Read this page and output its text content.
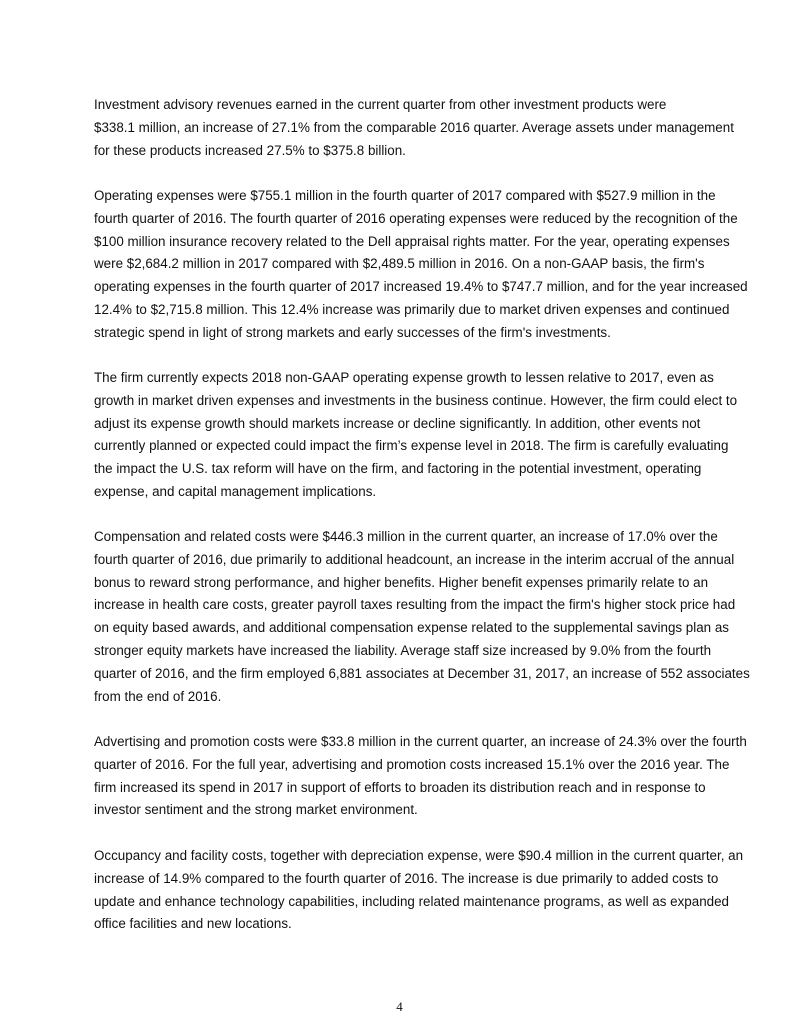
Investment advisory revenues earned in the current quarter from other investment products were
$338.1 million, an increase of 27.1% from the comparable 2016 quarter. Average assets under management
for these products increased 27.5% to $375.8 billion.

Operating expenses were $755.1 million in the fourth quarter of 2017 compared with $527.9 million in the
fourth quarter of 2016. The fourth quarter of 2016 operating expenses were reduced by the recognition of the
$100 million insurance recovery related to the Dell appraisal rights matter. For the year, operating expenses
were $2,684.2 million in 2017 compared with $2,489.5 million in 2016. On a non-GAAP basis, the firm's
operating expenses in the fourth quarter of 2017 increased 19.4% to $747.7 million, and for the year increased
12.4% to $2,715.8 million. This 12.4% increase was primarily due to market driven expenses and continued
strategic spend in light of strong markets and early successes of the firm's investments.

The firm currently expects 2018 non-GAAP operating expense growth to lessen relative to 2017, even as
growth in market driven expenses and investments in the business continue. However, the firm could elect to
adjust its expense growth should markets increase or decline significantly. In addition, other events not
currently planned or expected could impact the firm’s expense level in 2018. The firm is carefully evaluating
the impact the U.S. tax reform will have on the firm, and factoring in the potential investment, operating
expense, and capital management implications.

Compensation and related costs were $446.3 million in the current quarter, an increase of 17.0% over the
fourth quarter of 2016, due primarily to additional headcount, an increase in the interim accrual of the annual
bonus to reward strong performance, and higher benefits. Higher benefit expenses primarily relate to an
increase in health care costs, greater payroll taxes resulting from the impact the firm's higher stock price had
on equity based awards, and additional compensation expense related to the supplemental savings plan as
stronger equity markets have increased the liability. Average staff size increased by 9.0% from the fourth
quarter of 2016, and the firm employed 6,881 associates at December 31, 2017, an increase of 552 associates
from the end of 2016.

Advertising and promotion costs were $33.8 million in the current quarter, an increase of 24.3% over the fourth
quarter of 2016. For the full year, advertising and promotion costs increased 15.1% over the 2016 year. The
firm increased its spend in 2017 in support of efforts to broaden its distribution reach and in response to
investor sentiment and the strong market environment.

Occupancy and facility costs, together with depreciation expense, were $90.4 million in the current quarter, an
increase of 14.9% compared to the fourth quarter of 2016. The increase is due primarily to added costs to
update and enhance technology capabilities, including related maintenance programs, as well as expanded
office facilities and new locations.

4
